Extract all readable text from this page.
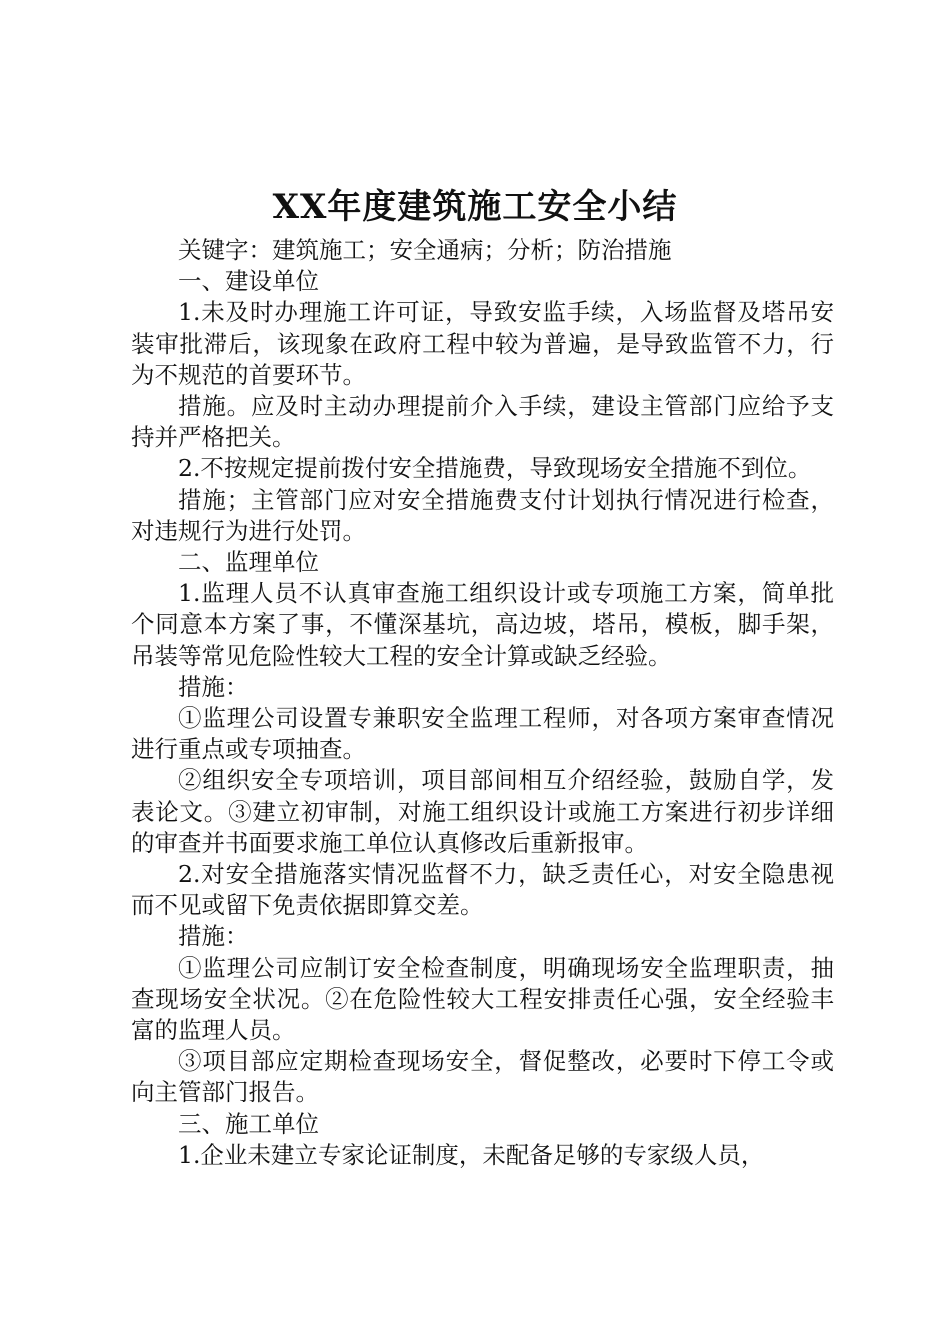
XX年度建筑施工安全小结

关键字：建筑施工；安全通病；分析；防治措施

一、建设单位

1.未及时办理施工许可证，导致安监手续，入场监督及塔吊安装审批滞后，该现象在政府工程中较为普遍，是导致监管不力，行为不规范的首要环节。

措施。应及时主动办理提前介入手续，建设主管部门应给予支持并严格把关。

2.不按规定提前拨付安全措施费，导致现场安全措施不到位。

措施；主管部门应对安全措施费支付计划执行情况进行检查，对违规行为进行处罚。

二、监理单位

1.监理人员不认真审查施工组织设计或专项施工方案，简单批个同意本方案了事，不懂深基坑，高边坡，塔吊，模板，脚手架，吊装等常见危险性较大工程的安全计算或缺乏经验。

措施：

①监理公司设置专兼职安全监理工程师，对各项方案审查情况进行重点或专项抽查。

②组织安全专项培训，项目部间相互介绍经验，鼓励自学，发表论文。③建立初审制，对施工组织设计或施工方案进行初步详细的审查并书面要求施工单位认真修改后重新报审。

2.对安全措施落实情况监督不力，缺乏责任心，对安全隐患视而不见或留下免责依据即算交差。

措施：

①监理公司应制订安全检查制度，明确现场安全监理职责，抽查现场安全状况。②在危险性较大工程安排责任心强，安全经验丰富的监理人员。

③项目部应定期检查现场安全，督促整改，必要时下停工令或向主管部门报告。

三、施工单位

1.企业未建立专家论证制度，未配备足够的专家级人员，
